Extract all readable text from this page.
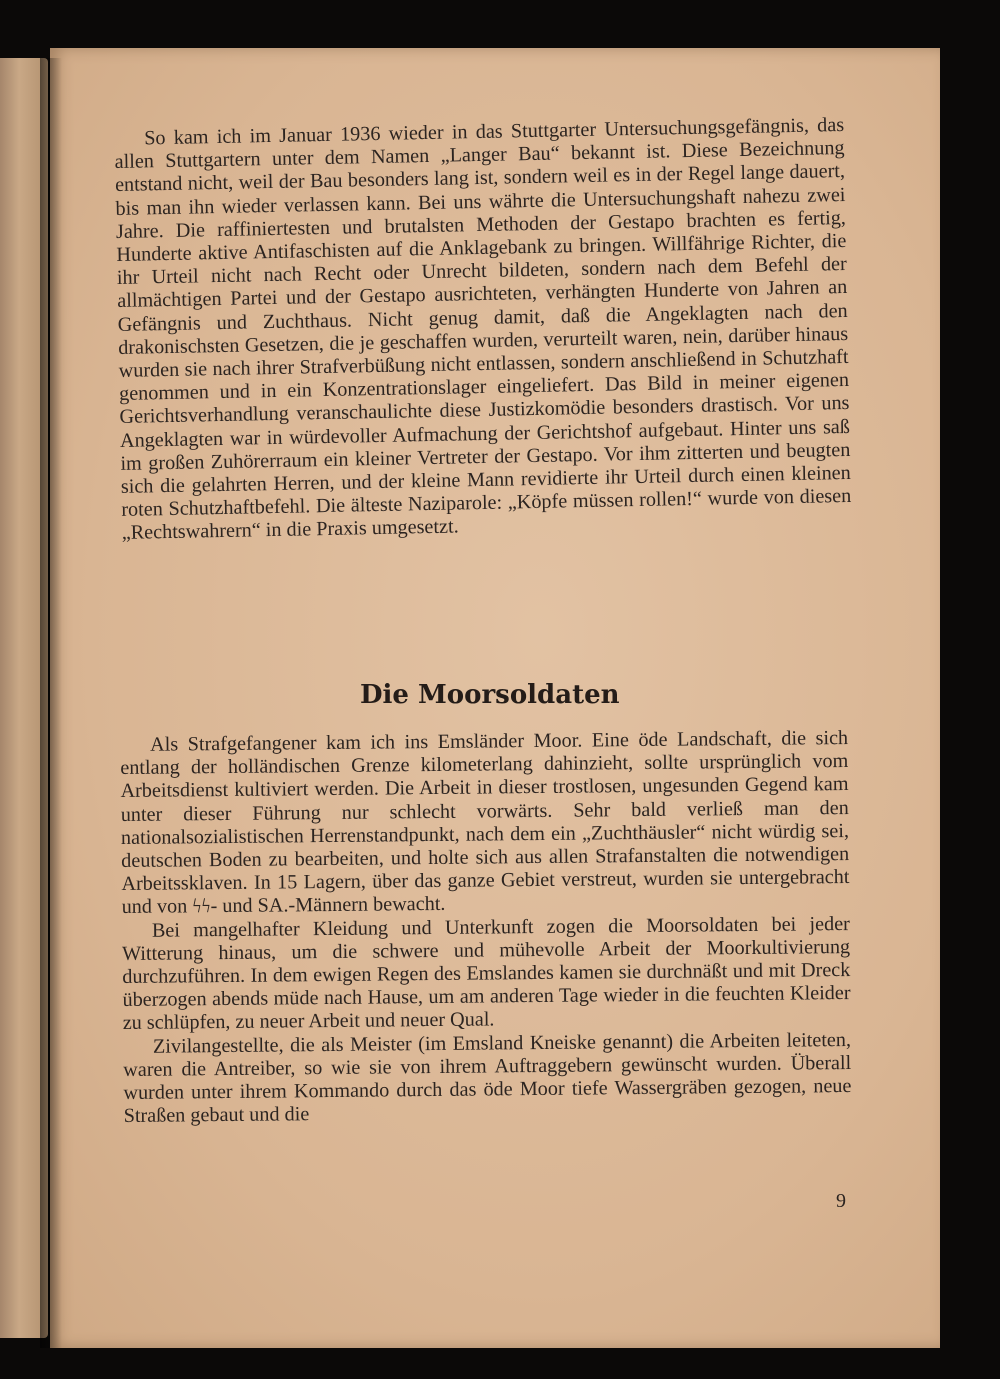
So kam ich im Januar 1936 wieder in das Stuttgarter Untersuchungsgefängnis, das allen Stuttgartern unter dem Namen „Langer Bau“ bekannt ist. Diese Bezeichnung entstand nicht, weil der Bau besonders lang ist, sondern weil es in der Regel lange dauert, bis man ihn wieder verlassen kann. Bei uns währte die Untersuchungshaft nahezu zwei Jahre. Die raffiniertesten und brutalsten Methoden der Gestapo brachten es fertig, Hunderte aktive Antifaschisten auf die Anklagebank zu bringen. Willfährige Richter, die ihr Urteil nicht nach Recht oder Unrecht bildeten, sondern nach dem Befehl der allmächtigen Partei und der Gestapo ausrichteten, verhängten Hunderte von Jahren an Gefängnis und Zuchthaus. Nicht genug damit, daß die Angeklagten nach den drakonischsten Gesetzen, die je geschaffen wurden, verurteilt waren, nein, darüber hinaus wurden sie nach ihrer Strafverbüßung nicht entlassen, sondern anschließend in Schutzhaft genommen und in ein Konzentrationslager eingeliefert. Das Bild in meiner eigenen Gerichtsverhandlung veranschaulichte diese Justizkomödie besonders drastisch. Vor uns Angeklagten war in würdevoller Aufmachung der Gerichtshof aufgebaut. Hinter uns saß im großen Zuhörerraum ein kleiner Vertreter der Gestapo. Vor ihm zitterten und beugten sich die gelahrten Herren, und der kleine Mann revidierte ihr Urteil durch einen kleinen roten Schutzhaftbefehl. Die älteste Naziparole: „Köpfe müssen rollen!“ wurde von diesen „Rechtswahrern“ in die Praxis umgesetzt.

Die Moorsoldaten

Als Strafgefangener kam ich ins Emsländer Moor. Eine öde Landschaft, die sich entlang der holländischen Grenze kilometerlang dahinzieht, sollte ursprünglich vom Arbeitsdienst kultiviert werden. Die Arbeit in dieser trostlosen, ungesunden Gegend kam unter dieser Führung nur schlecht vorwärts. Sehr bald verließ man den nationalsozialistischen Herrenstandpunkt, nach dem ein „Zuchthäusler“ nicht würdig sei, deutschen Boden zu bearbeiten, und holte sich aus allen Strafanstalten die notwendigen Arbeitssklaven. In 15 Lagern, über das ganze Gebiet verstreut, wurden sie untergebracht und von ϟϟ- und SA.-Männern bewacht.

Bei mangelhafter Kleidung und Unterkunft zogen die Moorsoldaten bei jeder Witterung hinaus, um die schwere und mühevolle Arbeit der Moorkultivierung durchzuführen. In dem ewigen Regen des Emslandes kamen sie durchnäßt und mit Dreck überzogen abends müde nach Hause, um am anderen Tage wieder in die feuchten Kleider zu schlüpfen, zu neuer Arbeit und neuer Qual.

Zivilangestellte, die als Meister (im Emsland Kneiske genannt) die Arbeiten leiteten, waren die Antreiber, so wie sie von ihrem Auftraggebern gewünscht wurden. Überall wurden unter ihrem Kommando durch das öde Moor tiefe Wassergräben gezogen, neue Straßen gebaut und die

9
